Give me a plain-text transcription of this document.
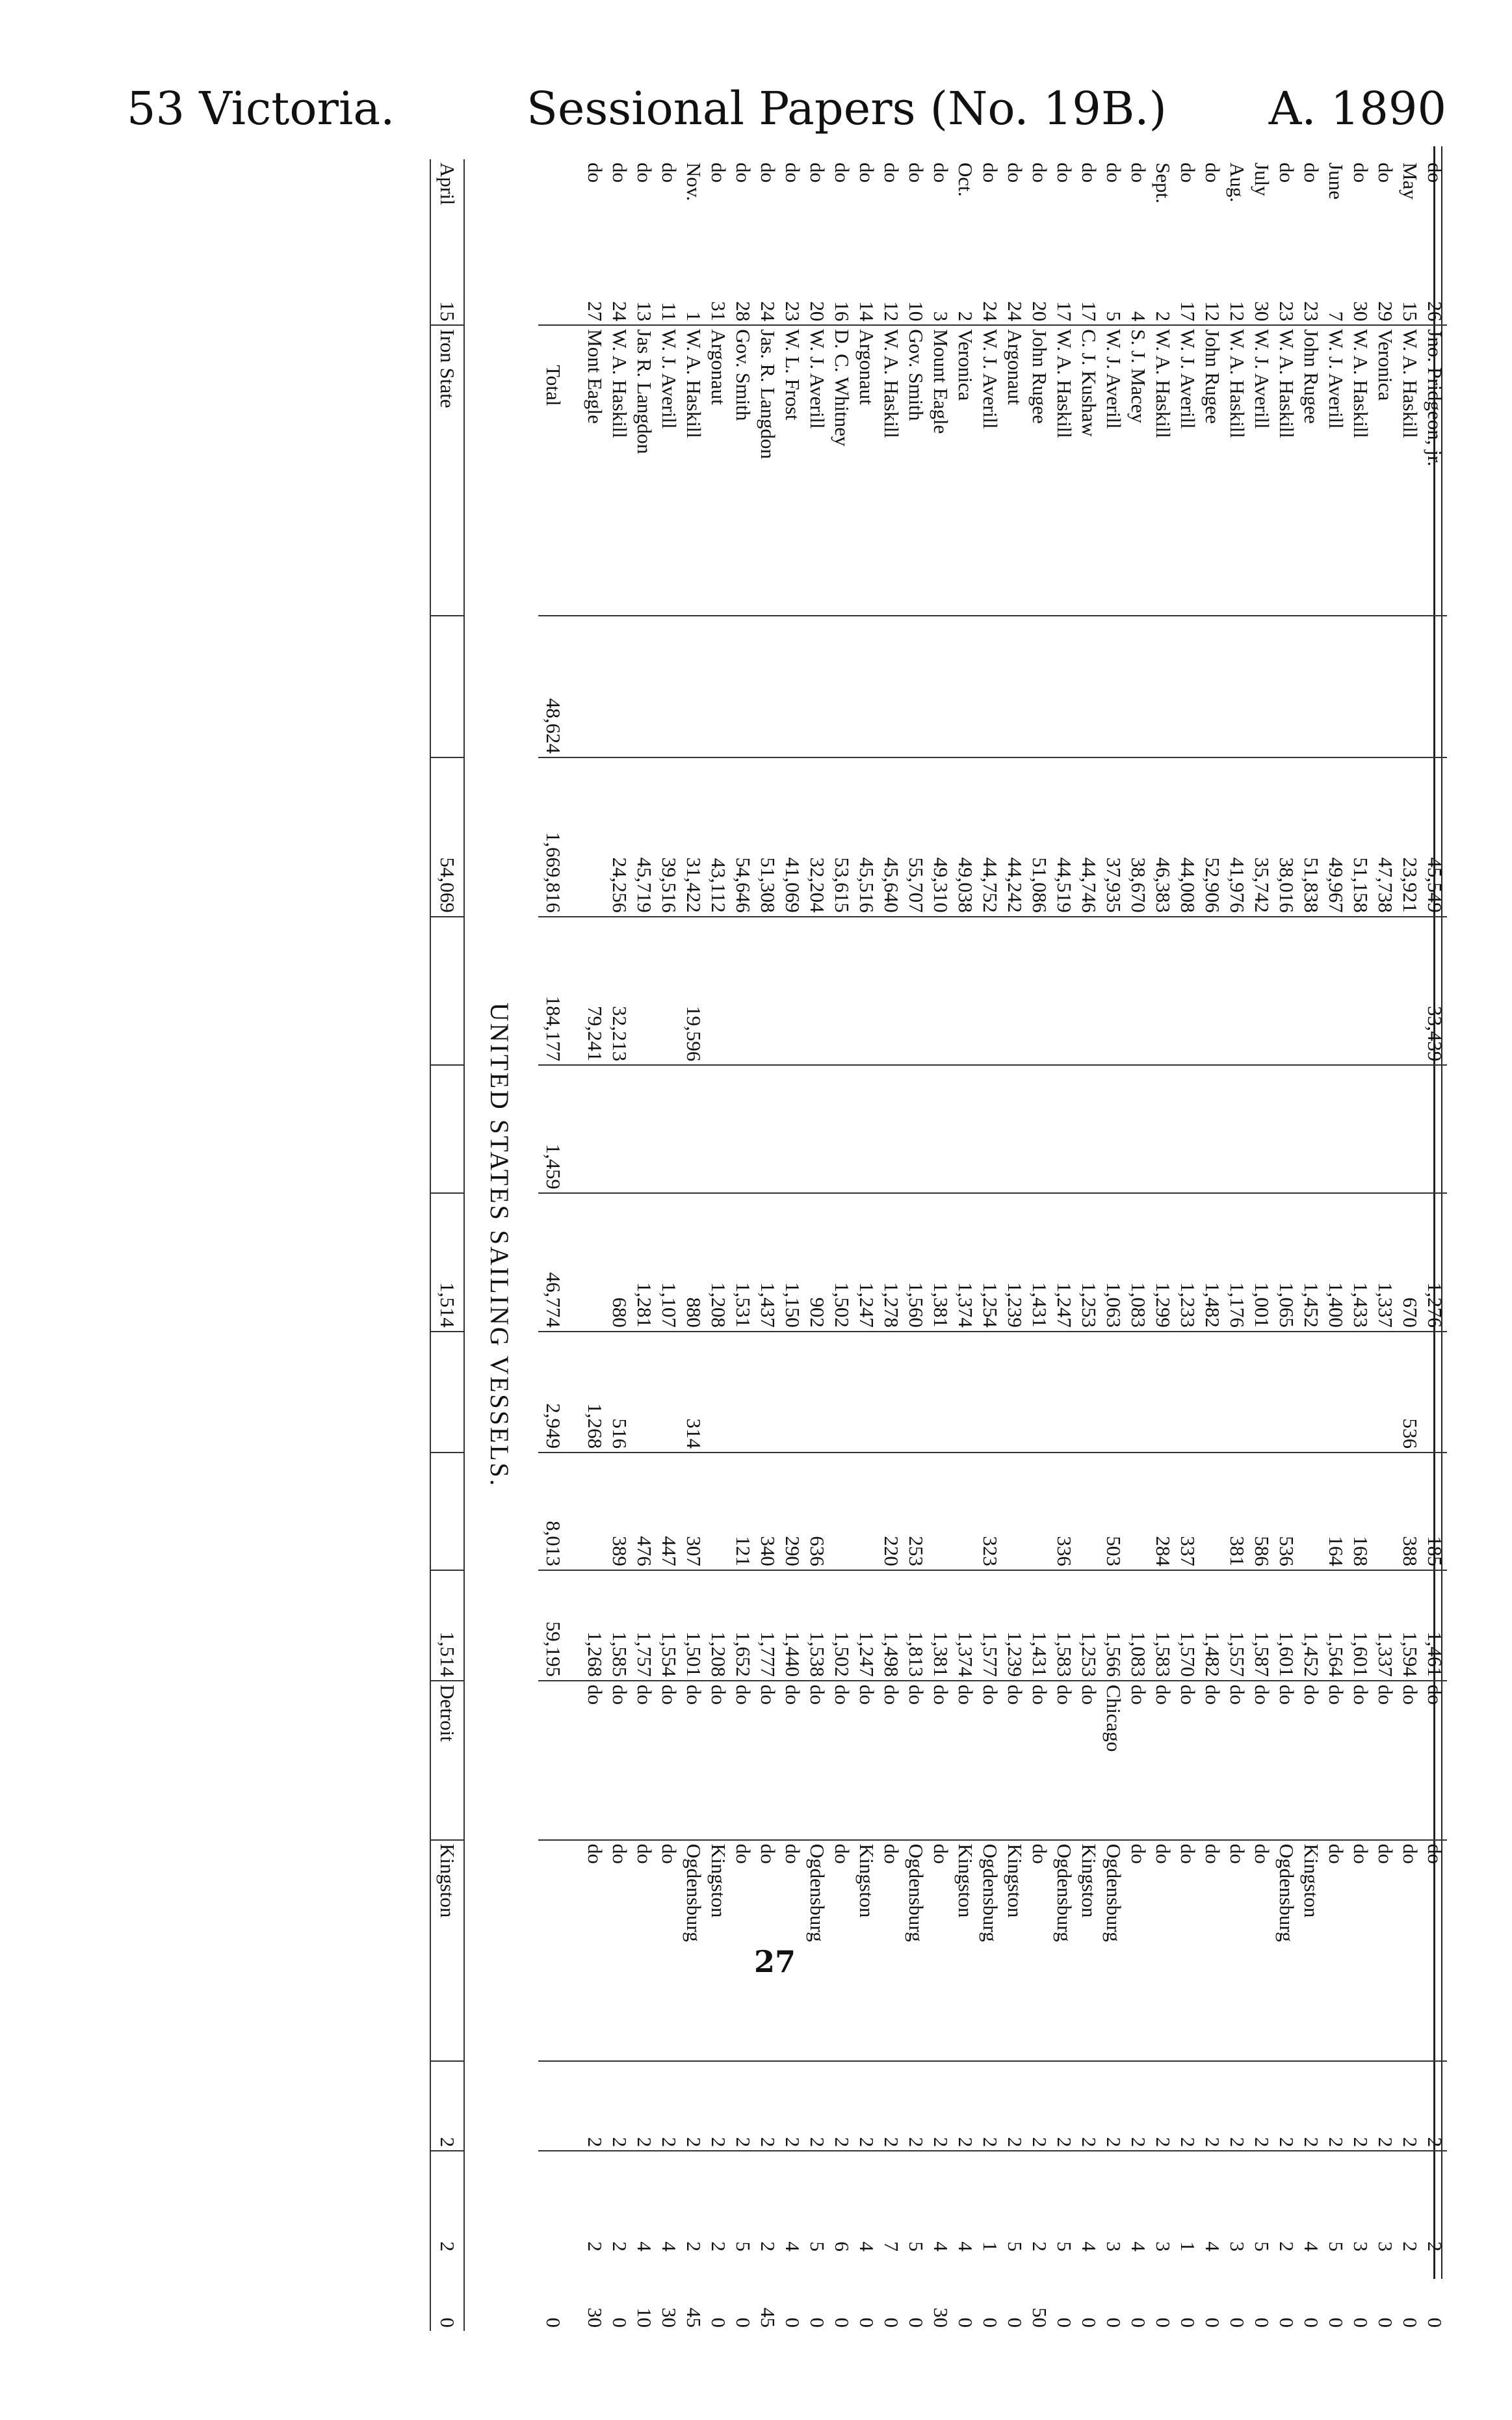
53 Victoria.	Sessional Papers (No. 19B.) A. 1890
do	26	Jno. Pridgeon, jr.		45,549	33,439		1,276		185	1,461	do	do	2	2	0
May	15	W. A. Haskill		23,921			670	536	388	1,594	do	do	2	2	0
do	29	Veronica		47,738			1,337			1,337	do	do	2	3	0
do	30	W. A. Haskill		51,158			1,433		168	1,601	do	do	2	3	0
June	7	W. J. Averill		49,967			1,400		164	1,564	do	do	2	5	0
do	23	John Rugee		51,838			1,452			1,452	do	Kingston	2	4	0
do	23	W. A. Haskill		38,016			1,065		536	1,601	do	Ogdensburg	2	2	0
July	30	W. J. Averill		35,742			1,001		586	1,587	do	do	2	5	0
Aug.	12	W. A. Haskill		41,976			1,176		381	1,557	do	do	2	3	0
do	12	John Rugee		52,906			1,482			1,482	do	do	2	4	0
do	17	W. J. Averill		44,008			1,233		337	1,570	do	do	2	1	0
Sept.	2	W. A. Haskill		46,383			1,299		284	1,583	do	do	2	3	0
do	4	S. J. Macey		38,670			1,083			1,083	do	do	2	4	0
do	5	W. J. Averill		37,935			1,063		503	1,566	Chicago	Ogdensburg	2	3	0
do	17	C. J. Kushaw		44,746			1,253			1,253	do	Kingston	2	4	0
do	17	W. A. Haskill		44,519			1,247		336	1,583	do	Ogdensburg	2	5	0
do	20	John Rugee		51,086			1,431			1,431	do	do	2	2	50
do	24	Argonaut		44,242			1,239			1,239	do	Kingston	2	5	0
do	24	W. J. Averill		44,752			1,254		323	1,577	do	Ogdensburg	2	1	0
Oct.	2	Veronica		49,038			1,374			1,374	do	Kingston	2	4	0
do	3	Mount Eagle		49,310			1,381			1,381	do	do	2	4	30
do	10	Gov. Smith		55,707			1,560		253	1,813	do	Ogdensburg	2	5	0
do	12	W. A. Haskill		45,640			1,278		220	1,498	do	do	2	7	0
do	14	Argonaut		45,516			1,247			1,247	do	Kingston	2	4	0
do	16	D. C. Whitney		53,615			1,502			1,502	do	do	2	6	0
do	20	W. J. Averill		32,204			902		636	1,538	do	Ogdensburg	2	5	0
do	23	W. L. Frost		41,069			1,150		290	1,440	do	do	2	4	0
do	24	Jas. R. Langdon		51,308			1,437		340	1,777	do	do	2	2	45
do	28	Gov. Smith		54,646			1,531		121	1,652	do	do	2	5	0
do	31	Argonaut		43,112			1,208			1,208	do	Kingston	2	2	0
Nov.	1	W. A. Haskill		31,422	19,596		880	314	307	1,501	do	Ogdensburg	2	2	45
do	11	W. J. Averill		39,516			1,107		447	1,554	do	do	2	4	30
do	13	Jas R. Langdon		45,719			1,281		476	1,757	do	do	2	4	10
do	24	W. A. Haskill		24,256	32,213		680	516	389	1,585	do	do	2	2	0
do	27	Mont Eagle			79,241			1,268		1,268	do	do	2	2	30
		Total	48,624	1,669,816	184,177	1,459	46,774	2,949	8,013	59,195					0
UNITED STATES SAILING VESSELS.
April	15	Iron State		54,069			1,514			1,514	Detroit	Kingston	2	2	0
27
